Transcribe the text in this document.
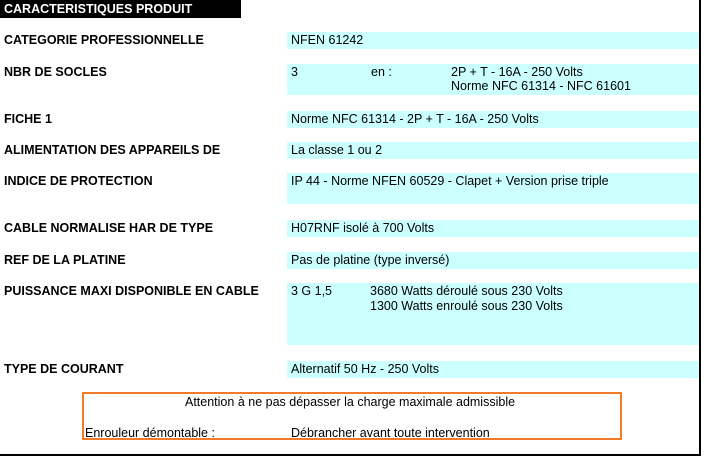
CARACTERISTIQUES PRODUIT
CATEGORIE PROFESSIONNELLE	NFEN 61242
NBR DE SOCLES	3	en :	2P + T - 16A - 250 Volts
Norme NFC 61314 - NFC 61601
FICHE 1	Norme NFC 61314 - 2P + T - 16A - 250 Volts
ALIMENTATION DES APPAREILS DE	La classe 1 ou 2
INDICE DE PROTECTION	IP 44 - Norme NFEN 60529 - Clapet + Version prise triple
CABLE NORMALISE HAR DE TYPE	H07RNF isolé à 700 Volts
REF DE LA PLATINE	Pas de platine (type inversé)
PUISSANCE MAXI DISPONIBLE EN CABLE	3 G 1,5	3680 Watts déroulé sous 230 Volts
1300 Watts enroulé sous 230 Volts
TYPE DE COURANT	Alternatif 50 Hz - 250 Volts
Attention à ne pas dépasser la charge maximale admissible
Enrouleur démontable :	Débrancher avant toute intervention
